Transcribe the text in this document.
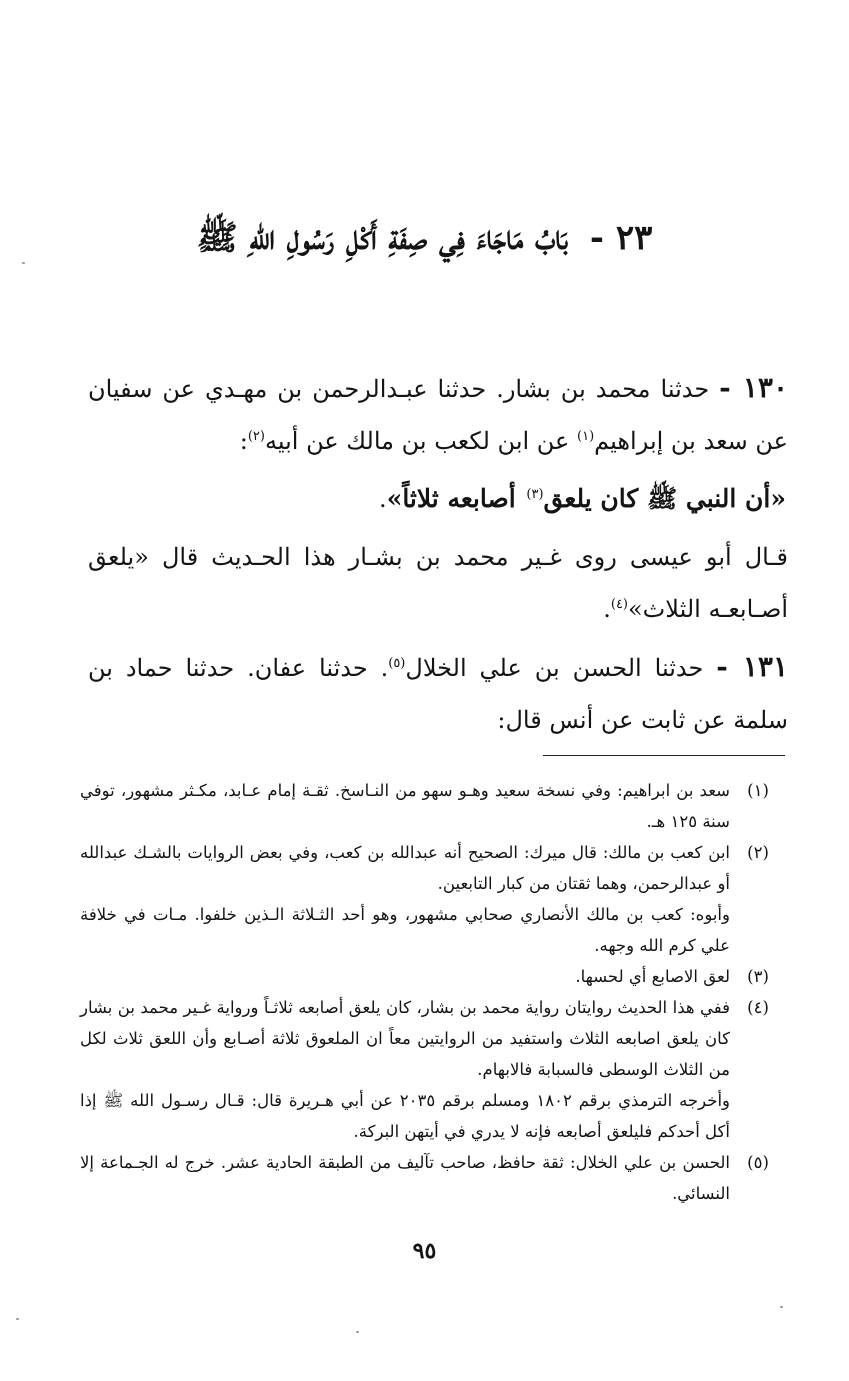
٢٣ - بَابُ مَاجَاءَ فِي صِفَةِ أَكْلِ رَسُولِ اللّهِ ﷺ

١٣٠ - حدثنا محمد بن بشار. حدثنا عبـدالرحمن بن مهـدي عن سفيان عن سعد بن إبراهيم$^{(١)}$ عن ابن لكعب بن مالك عن أبيه$^{(٢)}$:

«أن النبي ﷺ كان يلعق$^{(٣)}$ أصابعه ثلاثاً».

قـال أبو عيسى روى غـير محمد بن بشـار هذا الحـديث قال «يلعق أصـابعـه الثلاث»$^{(٤)}$.

١٣١ - حدثنا الحسن بن علي الخلال$^{(٥)}$. حدثنا عفان. حدثنا حماد بن سلمة عن ثابت عن أنس قال:

(١)

سعد بن ابراهيم: وفي نسخة سعيد وهـو سهو من النـاسخ. ثقـة إمام عـابد، مكـثر مشهور، توفي سنة ١٢٥ هـ.

(٢)

ابن كعب بن مالك: قال ميرك: الصحيح أنه عبدالله بن كعب، وفي بعض الروايات بالشـك عبدالله أو عبدالرحمن، وهما ثقتان من كبار التابعين.

وأبوه: كعب بن مالك الأنصاري صحابي مشهور، وهو أحد الثـلاثة الـذين خلفوا. مـات في خلافة علي كرم الله وجهه.

(٣)

لعق الاصابع أي لحسها.

(٤)

ففي هذا الحديث روايتان رواية محمد بن بشار، كان يلعق أصابعه ثلاثـاً ورواية غـير محمد بن بشار كان يلعق اصابعه الثلاث واستفيد من الروايتين معاً ان الملعوق ثلاثة أصـابع وأن اللعق ثلاث لكل من الثلاث الوسطى فالسبابة فالابهام.

وأخرجه الترمذي برقم ١٨٠٢ ومسلم برقم ٢٠٣٥ عن أبي هـريرة قال: قـال رسـول الله ﷺ إذا أكل أحدكم فليلعق أصابعه فإنه لا يدري في أيتهن البركة.

(٥)

الحسن بن علي الخلال: ثقة حافظ، صاحب تآليف من الطبقة الحادية عشر. خرج له الجـماعة إلا النسائي.

٩٥
